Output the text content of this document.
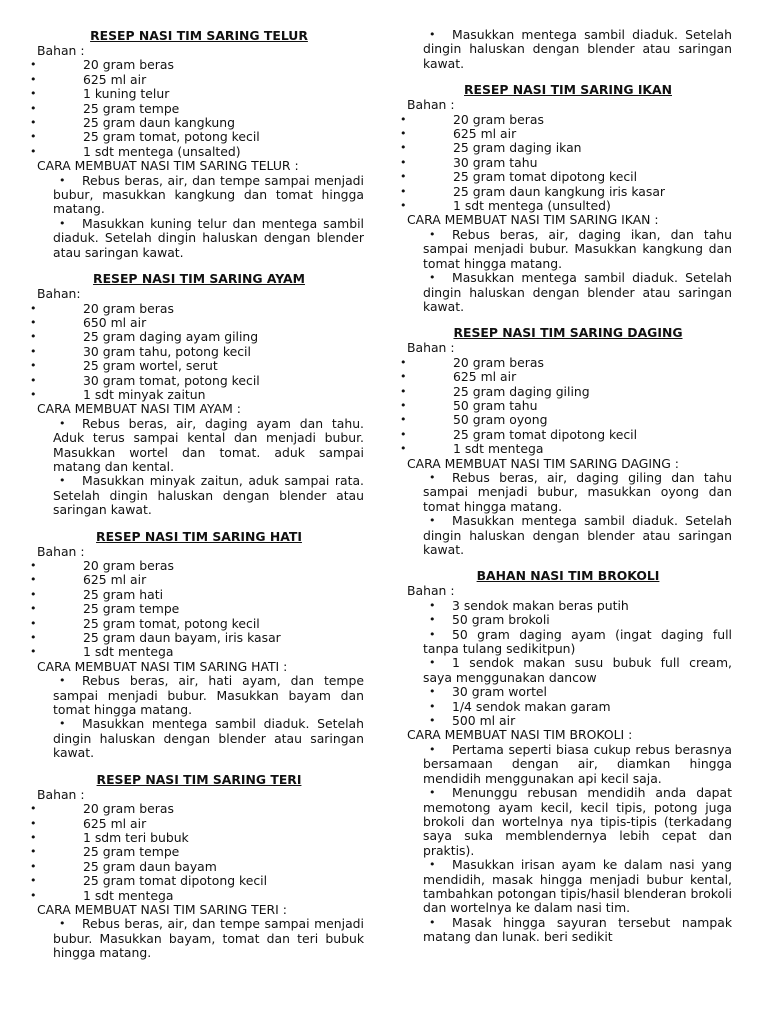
RESEP NASI TIM SARING TELUR
Bahan :
• 20 gram beras
• 625 ml air
• 1 kuning telur
• 25 gram tempe
• 25 gram daun kangkung
• 25 gram tomat, potong kecil
• 1 sdt mentega (unsalted)
CARA MEMBUAT NASI TIM SARING TELUR :
• Rebus beras, air, dan tempe sampai menjadi bubur, masukkan kangkung dan tomat hingga matang.
• Masukkan kuning telur dan mentega sambil diaduk. Setelah dingin haluskan dengan blender atau saringan kawat.
RESEP NASI TIM SARING AYAM
Bahan:
• 20 gram beras
• 650 ml air
• 25 gram daging ayam giling
• 30 gram tahu, potong kecil
• 25 gram wortel, serut
• 30 gram tomat, potong kecil
• 1 sdt minyak zaitun
CARA MEMBUAT NASI TIM AYAM :
• Rebus beras, air, daging ayam dan tahu. Aduk terus sampai kental dan menjadi bubur. Masukkan wortel dan tomat. aduk sampai matang dan kental.
• Masukkan minyak zaitun, aduk sampai rata. Setelah dingin haluskan dengan blender atau saringan kawat.
RESEP NASI TIM SARING HATI
Bahan :
• 20 gram beras
• 625 ml air
• 25 gram hati
• 25 gram tempe
• 25 gram tomat, potong kecil
• 25 gram daun bayam, iris kasar
• 1 sdt mentega
CARA MEMBUAT NASI TIM SARING HATI :
• Rebus beras, air, hati ayam, dan tempe sampai menjadi bubur. Masukkan bayam dan tomat hingga matang.
• Masukkan mentega sambil diaduk. Setelah dingin haluskan dengan blender atau saringan kawat.
RESEP NASI TIM SARING TERI
Bahan :
• 20 gram beras
• 625 ml air
• 1 sdm teri bubuk
• 25 gram tempe
• 25 gram daun bayam
• 25 gram tomat dipotong kecil
• 1 sdt mentega
CARA MEMBUAT NASI TIM SARING TERI :
• Rebus beras, air, dan tempe sampai menjadi bubur. Masukkan bayam, tomat dan teri bubuk hingga matang.
• Masukkan mentega sambil diaduk. Setelah dingin haluskan dengan blender atau saringan kawat.
RESEP NASI TIM SARING IKAN
Bahan :
• 20 gram beras
• 625 ml air
• 25 gram daging ikan
• 30 gram tahu
• 25 gram tomat dipotong kecil
• 25 gram daun kangkung iris kasar
• 1 sdt mentega (unsulted)
CARA MEMBUAT NASI TIM SARING IKAN :
• Rebus beras, air, daging ikan, dan tahu sampai menjadi bubur. Masukkan kangkung dan tomat hingga matang.
• Masukkan mentega sambil diaduk. Setelah dingin haluskan dengan blender atau saringan kawat.
RESEP NASI TIM SARING DAGING
Bahan :
• 20 gram beras
• 625 ml air
• 25 gram daging giling
• 50 gram tahu
• 50 gram oyong
• 25 gram tomat dipotong kecil
• 1 sdt mentega
CARA MEMBUAT NASI TIM SARING DAGING :
• Rebus beras, air, daging giling dan tahu sampai menjadi bubur, masukkan oyong dan tomat hingga matang.
• Masukkan mentega sambil diaduk. Setelah dingin haluskan dengan blender atau saringan kawat.
BAHAN NASI TIM BROKOLI
Bahan :
• 3 sendok makan beras putih
• 50 gram brokoli
• 50 gram daging ayam (ingat daging full tanpa tulang sedikitpun)
• 1 sendok makan susu bubuk full cream, saya menggunakan dancow
• 30 gram wortel
• 1/4 sendok makan garam
• 500 ml air
CARA MEMBUAT NASI TIM BROKOLI :
• Pertama seperti biasa cukup rebus berasnya bersamaan dengan air, diamkan hingga mendidih menggunakan api kecil saja.
• Menunggu rebusan mendidih anda dapat memotong ayam kecil, kecil tipis, potong juga brokoli dan wortelnya nya tipis-tipis (terkadang saya suka memblendernya lebih cepat dan praktis).
• Masukkan irisan ayam ke dalam nasi yang mendidih, masak hingga menjadi bubur kental, tambahkan potongan tipis/hasil blenderan brokoli dan wortelnya ke dalam nasi tim.
• Masak hingga sayuran tersebut nampak matang dan lunak. beri sedikit
